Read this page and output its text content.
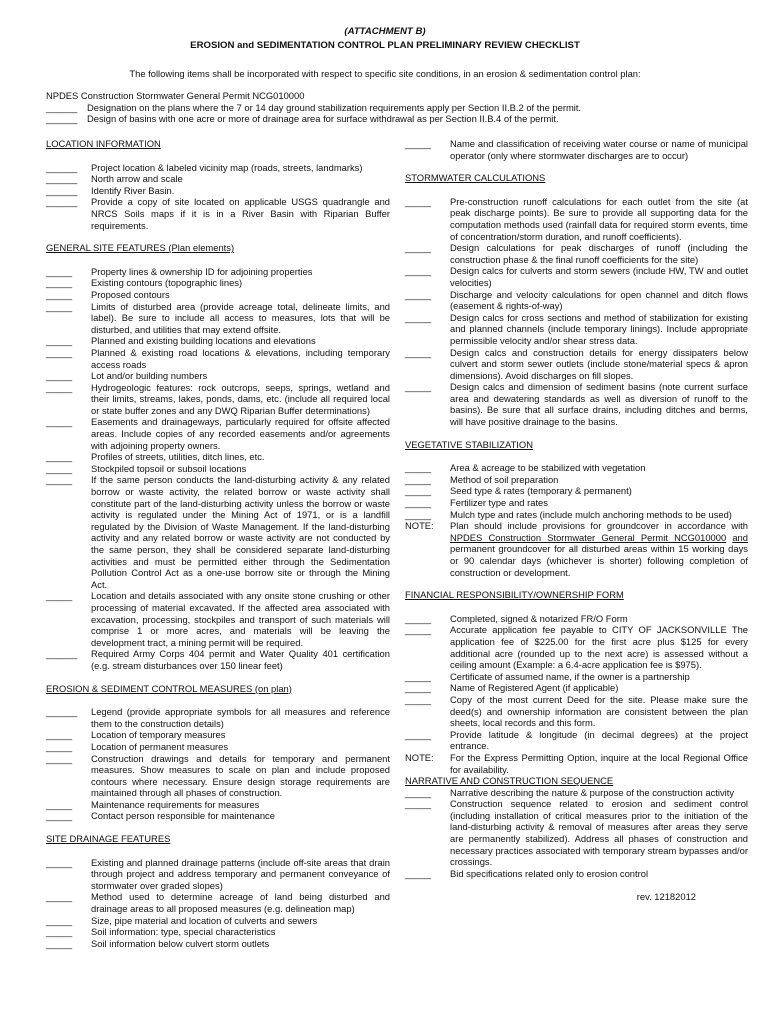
(ATTACHMENT B)
EROSION and SEDIMENTATION CONTROL PLAN PRELIMINARY REVIEW CHECKLIST
The following items shall be incorporated with respect to specific site conditions, in an erosion & sedimentation control plan:
NPDES Construction Stormwater General Permit NCG010000
______	Designation on the plans where the 7 or 14 day ground stabilization requirements apply per Section II.B.2 of the permit.
______	Design of basins with one acre or more of drainage area for surface withdrawal as per Section II.B.4 of the permit.
LOCATION INFORMATION
______	Project location & labeled vicinity map (roads, streets, landmarks)
______	North arrow and scale
______	Identify River Basin.
______	Provide a copy of site located on applicable USGS quadrangle and NRCS Soils maps if it is in a River Basin with Riparian Buffer requirements.
GENERAL SITE FEATURES (Plan elements)
_____	Property lines & ownership ID for adjoining properties
_____	Existing contours (topographic lines)
_____	Proposed contours
_____	Limits of disturbed area (provide acreage total, delineate limits, and label). Be sure to include all access to measures, lots that will be disturbed, and utilities that may extend offsite.
_____	Planned and existing building locations and elevations
_____	Planned & existing road locations & elevations, including temporary access roads
_____	Lot and/or building numbers
_____	Hydrogeologic features: rock outcrops, seeps, springs, wetland and their limits, streams, lakes, ponds, dams, etc. (include all required local or state buffer zones and any DWQ Riparian Buffer determinations)
_____	Easements and drainageways, particularly required for offsite affected areas. Include copies of any recorded easements and/or agreements with adjoining property owners.
_____	Profiles of streets, utilities, ditch lines, etc.
_____	Stockpiled topsoil or subsoil locations
_____	If the same person conducts the land-disturbing activity & any related borrow or waste activity, the related borrow or waste activity shall constitute part of the land-disturbing activity unless the borrow or waste activity is regulated under the Mining Act of 1971, or is a landfill regulated by the Division of Waste Management. If the land-disturbing activity and any related borrow or waste activity are not conducted by the same person, they shall be considered separate land-disturbing activities and must be permitted either through the Sedimentation Pollution Control Act as a one-use borrow site or through the Mining Act.
_____	Location and details associated with any onsite stone crushing or other processing of material excavated. If the affected area associated with excavation, processing, stockpiles and transport of such materials will comprise 1 or more acres, and materials will be leaving the development tract, a mining permit will be required.
______	Required Army Corps 404 permit and Water Quality 401 certification (e.g. stream disturbances over 150 linear feet)
EROSION & SEDIMENT CONTROL MEASURES (on plan)
______	Legend (provide appropriate symbols for all measures and reference them to the construction details)
_____	Location of temporary measures
_____	Location of permanent measures
_____	Construction drawings and details for temporary and permanent measures. Show measures to scale on plan and include proposed contours where necessary. Ensure design storage requirements are maintained through all phases of construction.
_____	Maintenance requirements for measures
_____	Contact person responsible for maintenance
SITE DRAINAGE FEATURES
_____	Existing and planned drainage patterns (include off-site areas that drain through project and address temporary and permanent conveyance of stormwater over graded slopes)
_____	Method used to determine acreage of land being disturbed and drainage areas to all proposed measures (e.g. delineation map)
_____	Size, pipe material and location of culverts and sewers
_____	Soil information: type, special characteristics
_____	Soil information below culvert storm outlets
_____	Name and classification of receiving water course or name of municipal operator (only where stormwater discharges are to occur)
STORMWATER CALCULATIONS
_____	Pre-construction runoff calculations for each outlet from the site (at peak discharge points). Be sure to provide all supporting data for the computation methods used (rainfall data for required storm events, time of concentration/storm duration, and runoff coefficients).
_____	Design calculations for peak discharges of runoff (including the construction phase & the final runoff coefficients for the site)
_____	Design calcs for culverts and storm sewers (include HW, TW and outlet velocities)
_____	Discharge and velocity calculations for open channel and ditch flows (easement & rights-of-way)
_____	Design calcs for cross sections and method of stabilization for existing and planned channels (include temporary linings). Include appropriate permissible velocity and/or shear stress data.
_____	Design calcs and construction details for energy dissipaters below culvert and storm sewer outlets (include stone/material specs & apron dimensions). Avoid discharges on fill slopes.
_____	Design calcs and dimension of sediment basins (note current surface area and dewatering standards as well as diversion of runoff to the basins). Be sure that all surface drains, including ditches and berms, will have positive drainage to the basins.
VEGETATIVE STABILIZATION
_____	Area & acreage to be stabilized with vegetation
_____	Method of soil preparation
_____	Seed type & rates (temporary & permanent)
_____	Fertilizer type and rates
_____	Mulch type and rates (include mulch anchoring methods to be used)
NOTE:	Plan should include provisions for groundcover in accordance with NPDES Construction Stormwater General Permit NCG010000 and permanent groundcover for all disturbed areas within 15 working days or 90 calendar days (whichever is shorter) following completion of construction or development.
FINANCIAL RESPONSIBILITY/OWNERSHIP FORM
_____	Completed, signed & notarized FR/O Form
_____	Accurate application fee payable to CITY OF JACKSONVILLE The application fee of $225.00 for the first acre plus $125 for every additional acre (rounded up to the next acre) is assessed without a ceiling amount (Example: a 6.4-acre application fee is $975).
_____	Certificate of assumed name, if the owner is a partnership
_____	Name of Registered Agent (if applicable)
_____	Copy of the most current Deed for the site. Please make sure the deed(s) and ownership information are consistent between the plan sheets, local records and this form.
_____	Provide latitude & longitude (in decimal degrees) at the project entrance.
NOTE:	For the Express Permitting Option, inquire at the local Regional Office for availability.
NARRATIVE AND CONSTRUCTION SEQUENCE
_____	Narrative describing the nature & purpose of the construction activity
_____	Construction sequence related to erosion and sediment control (including installation of critical measures prior to the initiation of the land-disturbing activity & removal of measures after areas they serve are permanently stabilized). Address all phases of construction and necessary practices associated with temporary stream bypasses and/or crossings.
_____	Bid specifications related only to erosion control
rev. 12182012
